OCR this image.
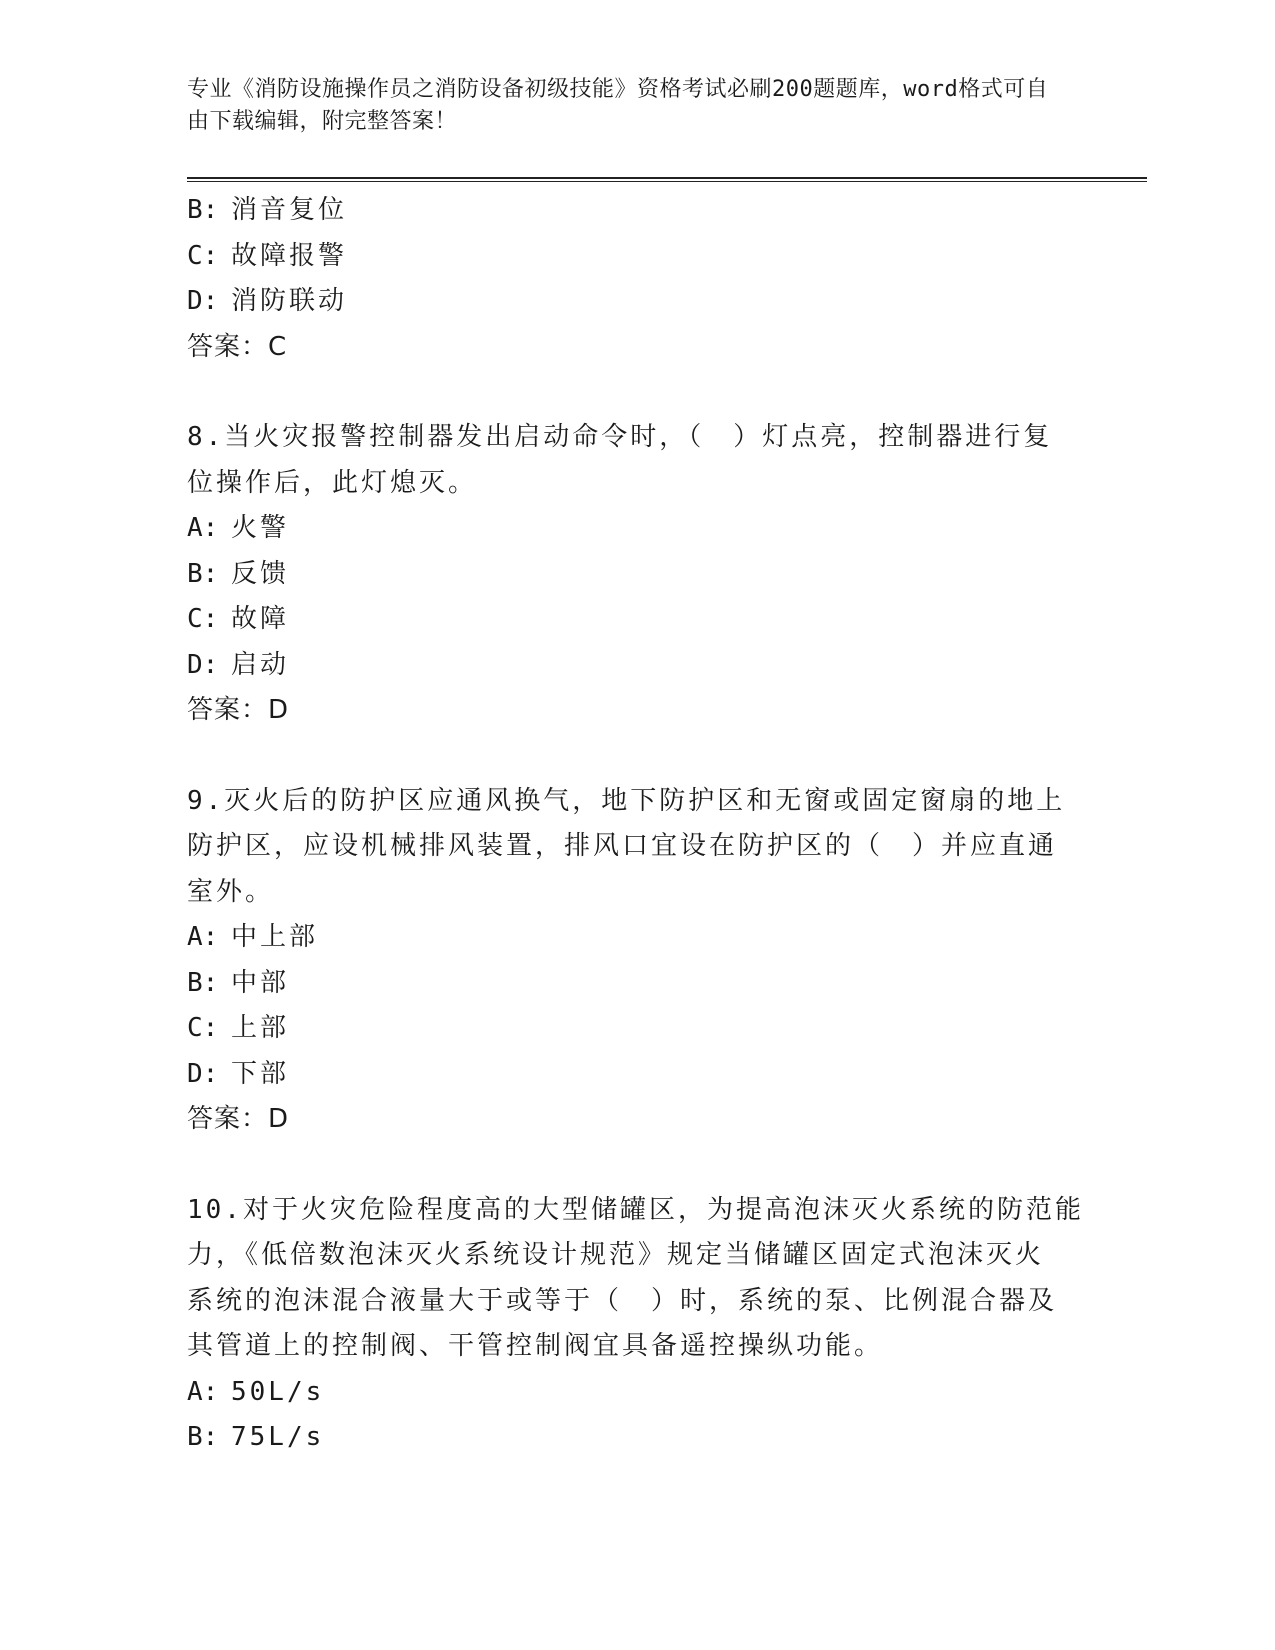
专业《消防设施操作员之消防设备初级技能》资格考试必刷200题题库，word格式可自由下载编辑，附完整答案！
B: 消音复位
C: 故障报警
D: 消防联动
答案：C
8.当火灾报警控制器发出启动命令时，（　）灯点亮，控制器进行复
位操作后，此灯熄灭。
A: 火警
B: 反馈
C: 故障
D: 启动
答案：D
9.灭火后的防护区应通风换气，地下防护区和无窗或固定窗扇的地上
防护区，应设机械排风装置，排风口宜设在防护区的（　）并应直通
室外。
A: 中上部
B: 中部
C: 上部
D: 下部
答案：D
10.对于火灾危险程度高的大型储罐区，为提高泡沫灭火系统的防范能
力，《低倍数泡沫灭火系统设计规范》规定当储罐区固定式泡沫灭火
系统的泡沫混合液量大于或等于（　）时，系统的泵、比例混合器及
其管道上的控制阀、干管控制阀宜具备遥控操纵功能。
A: 50L/s
B: 75L/s
